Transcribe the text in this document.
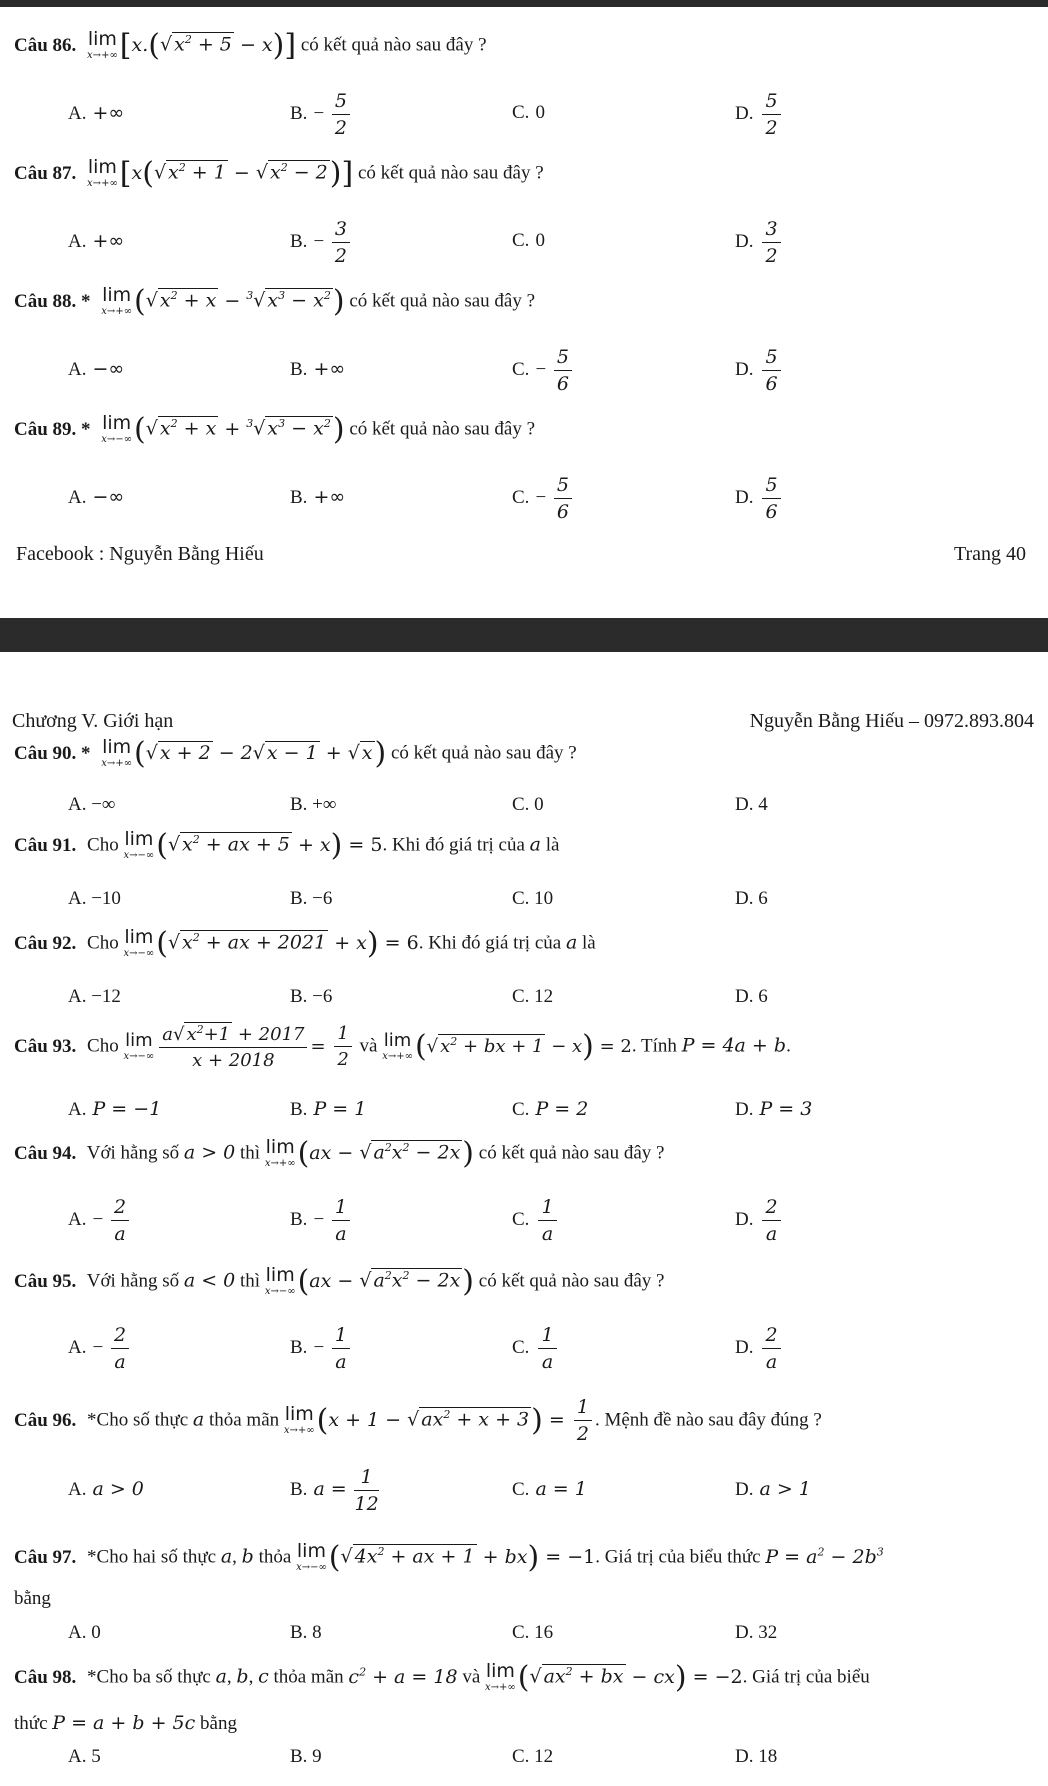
Câu 86. lim
x→+∞ [x.(√ $x^2 + 5 - x$)] có kết quả nào sau đây ?
A. +∞	B. − $\frac{5}{2}$	C. 0	D. $\frac{5}{2}$
Câu 87. lim
x→+∞ [x(√ $x^2 + 1$ − √ $x^2 - 2$)] có kết quả nào sau đây ?
A. +∞	B. − $\frac{3}{2}$	C. 0	D. $\frac{3}{2}$
Câu 88. * lim
x→+∞ (√ $x^2 + x - ^3√$ $x^3 - x^2$) có kết quả nào sau đây ?
A. −∞	B. +∞	C. − $\frac{5}{6}$	D. $\frac{5}{6}$
Câu 89. * lim
x→−∞ (√ $x^2 + x + ^3√$ $x^3 - x^2$) có kết quả nào sau đây ?
A. −∞	B. +∞	C. − $\frac{5}{6}$	D. $\frac{5}{6}$
Facebook : Nguyễn Bằng Hiếu	Trang 40
Chương V. Giới hạn	Nguyễn Bằng Hiếu – 0972.893.804
Câu 90. * lim
x→+∞ (√ x + 2 − 2√ x − 1 + √ x) có kết quả nào sau đây ?
A. −∞	B. +∞	C. 0	D. 4
Câu 91. Cho lim
x→−∞ (√ $x^2$ + ax + 5 + x) = 5. Khi đó giá trị của a là
A. −10	B. −6	C. 10	D. 6
Câu 92. Cho lim
x→−∞ (√ $x^2$ + ax + 2021 + x) = 6. Khi đó giá trị của a là
A. −12	B. −6	C. 12	D. 6
Câu 93. Cho lim
$x\to-\infty \frac{a√ x^2+1 + 2017}{x + 2018} = \frac{1}{2}$ và lim
x→+∞ (√ $x^2$ + bx + 1 − x) = 2. Tính P = 4a + b.
A. P = −1	B. P = 1	C. P = 2	D. P = 3
Câu 94. Với hằng số a > 0 thì lim
x→+∞ (ax − √ $a^2x^2 - 2x$) có kết quả nào sau đây ?
A. − $\frac{2}{a}$	B. − $\frac{1}{a}$	C. $\frac{1}{a}$	D. $\frac{2}{a}$
Câu 95. Với hằng số a < 0 thì lim
x→−∞ (ax − √ $a^2x^2 - 2x$) có kết quả nào sau đây ?
A. − $\frac{2}{a}$	B. − $\frac{1}{a}$	C. $\frac{1}{a}$	D. $\frac{2}{a}$
Câu 96. *Cho số thực a thỏa mãn lim
x→+∞ (x + 1 − √ $ax^2 + x + 3) = \frac{1}{2}$ . Mệnh đề nào sau đây đúng ?
A. a > 0	B. $a = \frac{1}{12}$	C. a = 1	D. a > 1
Câu 97. *Cho hai số thực a, b thỏa lim
x→−∞ (√ $4x^2$ + ax + 1 + bx) = −1. Giá trị của biểu thức $P = a^2 - 2b^3$
bằng
A. 0	B. 8	C. 16	D. 32
Câu 98. *Cho ba số thực a, b, c thỏa mãn $c^2 + a = 18$ và lim
x→+∞ (√ $ax^2$ + bx − cx) = −2. Giá trị của biểu
thức P = a + b + 5c bằng
A. 5	B. 9	C. 12	D. 18
